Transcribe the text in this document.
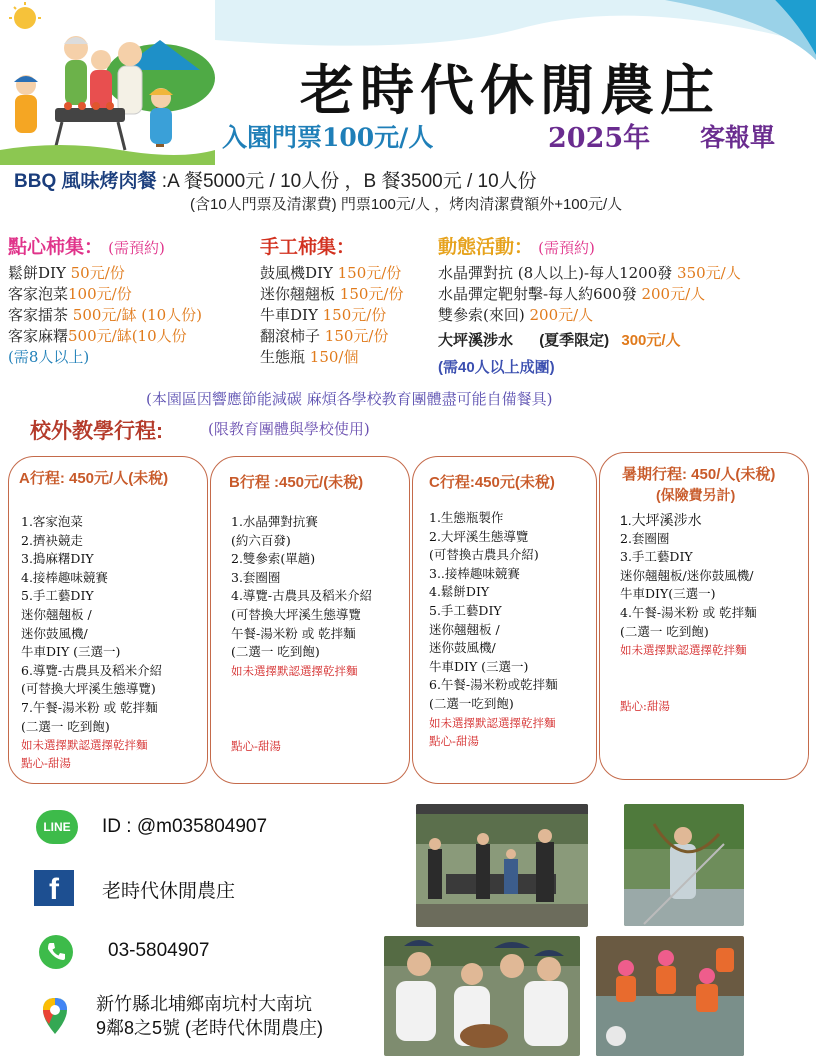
老時代休閒農庄
入園門票100元/人	2025年 客報單
BBQ 風味烤肉餐 :A 餐5000元 / 10人份 ，B 餐3500元 / 10人份
(含10人門票及清潔費) 門票100元/人 ，烤肉清潔費額外+100元/人
點心柿集： (需預約)
鬆餅DIY 50元/份
客家泡菜100元/份
客家擂茶 500元/缽 (10人份)
客家麻糬500元/缽(10人份
(需8人以上)
手工柿集：
鼓風機DIY 150元/份
迷你翹翹板 150元/份
牛車DIY 150元/份
翻滾柿子 150元/份
生態瓶 150/個
動態活動： (需預約)
水晶彈對抗 (8人以上)-每人1200發 350元/人
水晶彈定靶射擊-每人約600發 200元/人
雙參索(來回) 200元/人
大坪溪涉水 (夏季限定) 300元/人
(需40人以上成團)
(本園區因響應節能減碳 麻煩各學校教育團體盡可能自備餐具)
校外教學行程:	(限教育團體與學校使用)
A行程: 450元/人(未稅)
1.客家泡菜
2.擠袂競走
3.搗麻糬DIY
4.接棒趣味競賽
5.手工藝DIY
迷你翹翹板 /
迷你鼓風機/
牛車DIY (三選一)
6.導覽-古農具及稻米介紹
(可替換大坪溪生態導覽)
7.午餐-湯米粉 或 乾拌麵
(二選一 吃到飽)
如未選擇默認選擇乾拌麵
點心-甜湯
B行程 :450元/(未稅)
1.水晶彈對抗賽
(約六百發)
2.雙參索(單趟)
3.套圈圈
4.導覽-古農具及稻米介紹
(可替換大坪溪生態導覽
午餐-湯米粉 或 乾拌麵
(二選一 吃到飽)
如未選擇默認選擇乾拌麵
點心-甜湯
C行程:450元(未稅)
1.生態瓶製作
2.大坪溪生態導覽
(可替換古農具介紹)
3..接棒趣味競賽
4.鬆餅DIY
5.手工藝DIY
迷你翹翹板 /
迷你鼓風機/
牛車DIY (三選一)
6.午餐-湯米粉或乾拌麵
(二選一吃到飽)
如未選擇默認選擇乾拌麵
點心-甜湯
暑期行程: 450/人(未稅)
(保險費另計)
1.大坪溪涉水
2.套圈圈
3.手工藝DIY
迷你翹翹板/迷你鼓風機/
牛車DIY(三選一)
4.午餐-湯米粉 或 乾拌麵
(二選一 吃到飽)
如未選擇默認選擇乾拌麵
點心:甜湯
LINE	ID : @m035804907
f	老時代休閒農庄
03-5804907
新竹縣北埔鄉南坑村大南坑
9鄰8之5號 (老時代休閒農庄)
